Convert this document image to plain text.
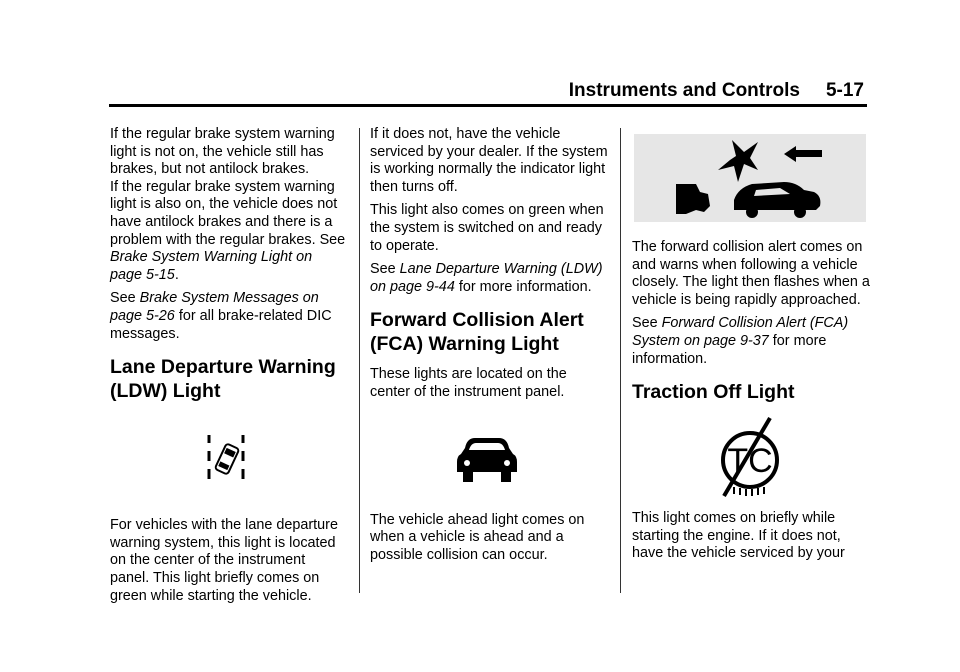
Instruments and Controls 5-17

If the regular brake system warning light is not on, the vehicle still has brakes, but not antilock brakes.

If the regular brake system warning light is also on, the vehicle does not have antilock brakes and there is a problem with the regular brakes. See Brake System Warning Light on page 5-15.

See Brake System Messages on page 5-26 for all brake-related DIC messages.

Lane Departure Warning (LDW) Light

For vehicles with the lane departure warning system, this light is located on the center of the instrument panel. This light briefly comes on green while starting the vehicle.

If it does not, have the vehicle serviced by your dealer. If the system is working normally the indicator light then turns off.

This light also comes on green when the system is switched on and ready to operate.

See Lane Departure Warning (LDW) on page 9-44 for more information.

Forward Collision Alert (FCA) Warning Light

These lights are located on the center of the instrument panel.

The vehicle ahead light comes on when a vehicle is ahead and a possible collision can occur.

The forward collision alert comes on and warns when following a vehicle closely. The light then flashes when a vehicle is being rapidly approached.

See Forward Collision Alert (FCA) System on page 9-37 for more information.

Traction Off Light
TC

This light comes on briefly while starting the engine. If it does not, have the vehicle serviced by your
